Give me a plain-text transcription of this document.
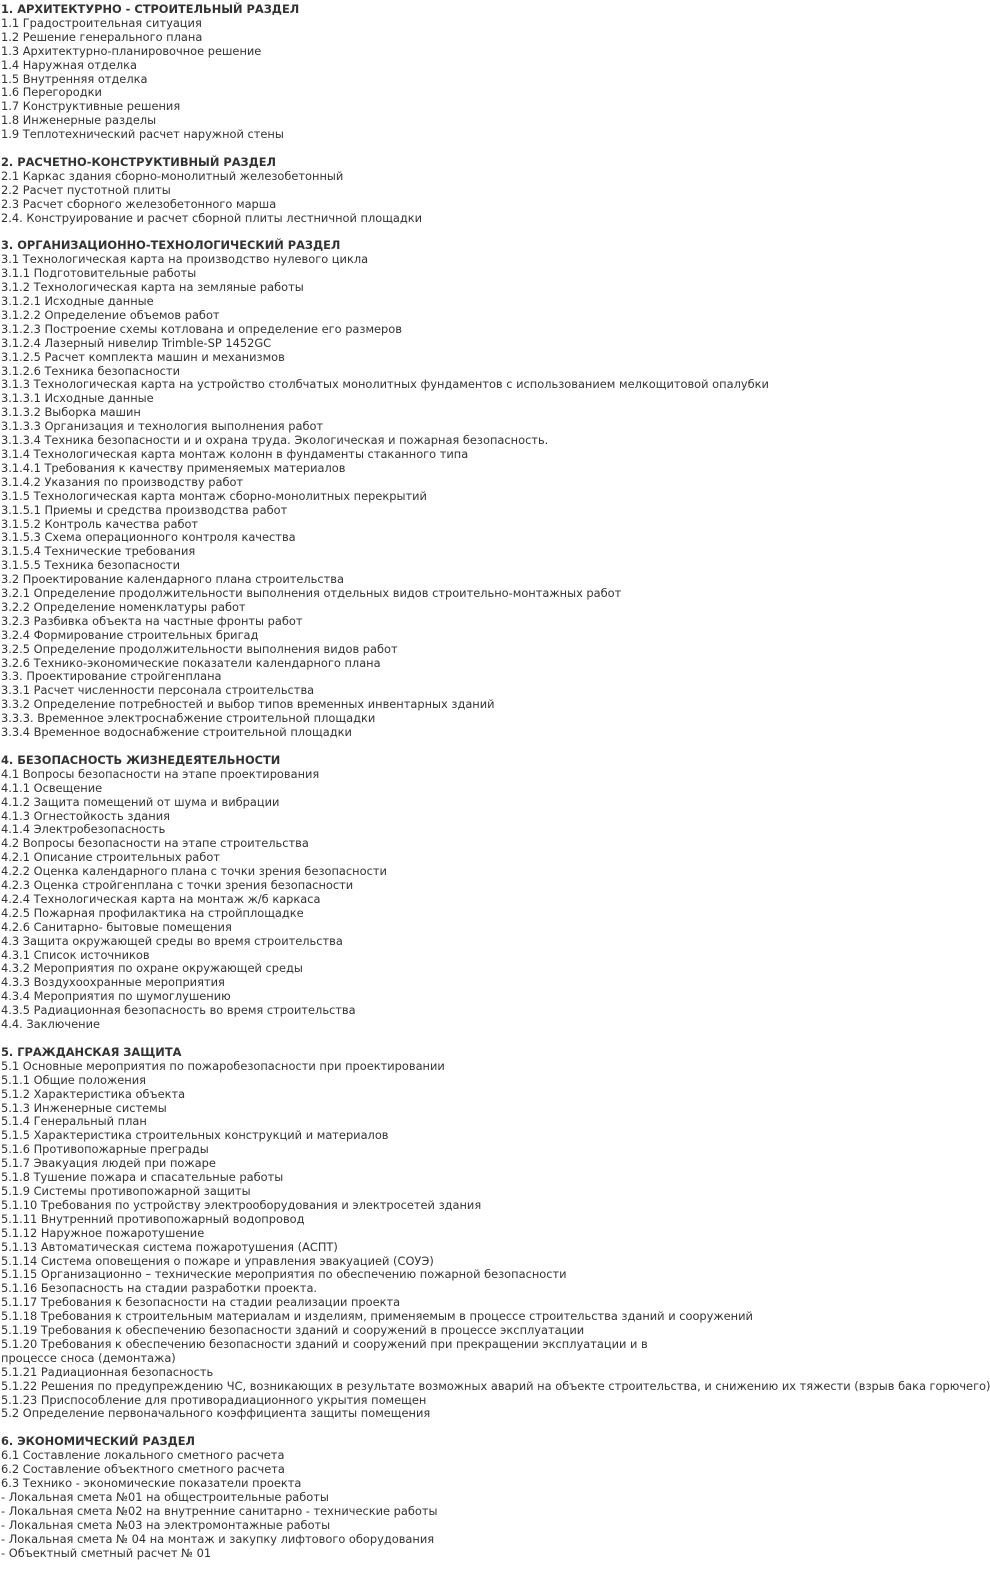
1. АРХИТЕКТУРНО - СТРОИТЕЛЬНЫЙ РАЗДЕЛ
1.1 Градостроительная ситуация
1.2 Решение генерального плана
1.3 Архитектурно-планировочное решение
1.4 Наружная отделка
1.5 Внутренняя отделка
1.6 Перегородки
1.7 Конструктивные решения
1.8 Инженерные разделы
1.9 Теплотехнический расчет наружной стены
2. РАСЧЕТНО-КОНСТРУКТИВНЫЙ РАЗДЕЛ
2.1 Каркас здания сборно-монолитный железобетонный
2.2 Расчет пустотной плиты
2.3 Расчет сборного железобетонного марша
2.4. Конструирование и расчет сборной плиты лестничной площадки
3. ОРГАНИЗАЦИОННО-ТЕХНОЛОГИЧЕСКИЙ РАЗДЕЛ
3.1 Технологическая карта на производство нулевого цикла
3.1.1 Подготовительные работы
3.1.2 Технологическая карта на земляные работы
3.1.2.1 Исходные данные
3.1.2.2 Определение объемов работ
3.1.2.3 Построение схемы котлована и определение его размеров
3.1.2.4 Лазерный нивелир Trimble-SP 1452GC
3.1.2.5 Расчет комплекта машин и механизмов
3.1.2.6 Техника безопасности
3.1.3 Технологическая карта на устройство столбчатых монолитных фундаментов с использованием мелкощитовой опалубки
3.1.3.1 Исходные данные
3.1.3.2 Выборка машин
3.1.3.3 Организация и технология выполнения работ
3.1.3.4 Техника безопасности и и охрана труда. Экологическая и пожарная безопасность.
3.1.4 Технологическая карта монтаж колонн в фундаменты стаканного типа
3.1.4.1 Требования к качеству применяемых материалов
3.1.4.2 Указания по производству работ
3.1.5 Технологическая карта монтаж сборно-монолитных перекрытий
3.1.5.1 Приемы и средства производства работ
3.1.5.2 Контроль качества работ
3.1.5.3 Схема операционного контроля качества
3.1.5.4 Технические требования
3.1.5.5 Техника безопасности
3.2 Проектирование календарного плана строительства
3.2.1 Определение продолжительности выполнения отдельных видов строительно-монтажных работ
3.2.2 Определение номенклатуры работ
3.2.3 Разбивка объекта на частные фронты работ
3.2.4 Формирование строительных бригад
3.2.5 Определение продолжительности выполнения видов работ
3.2.6 Технико-экономические показатели календарного плана
3.3. Проектирование стройгенплана
3.3.1 Расчет численности персонала строительства
3.3.2 Определение потребностей и выбор типов временных инвентарных зданий
3.3.3. Временное электроснабжение строительной площадки
3.3.4 Временное водоснабжение строительной площадки
4. БЕЗОПАСНОСТЬ ЖИЗНЕДЕЯТЕЛЬНОСТИ
4.1 Вопросы безопасности на этапе проектирования
4.1.1 Освещение
4.1.2 Защита помещений от шума и вибрации
4.1.3 Огнестойкость здания
4.1.4 Электробезопасность
4.2 Вопросы безопасности на этапе строительства
4.2.1 Описание строительных работ
4.2.2 Оценка календарного плана с точки зрения безопасности
4.2.3 Оценка стройгенплана с точки зрения безопасности
4.2.4 Технологическая карта на монтаж ж/б каркаса
4.2.5 Пожарная профилактика на стройплощадке
4.2.6 Санитарно- бытовые помещения
4.3 Защита окружающей среды во время строительства
4.3.1 Список источников
4.3.2 Мероприятия по охране окружающей среды
4.3.3 Воздухоохранные мероприятия
4.3.4 Мероприятия по шумоглушению
4.3.5 Радиационная безопасность во время строительства
4.4. Заключение
5. ГРАЖДАНСКАЯ ЗАЩИТА
5.1 Основные мероприятия по пожаробезопасности при проектировании
5.1.1 Общие положения
5.1.2 Характеристика объекта
5.1.3 Инженерные системы
5.1.4 Генеральный план
5.1.5 Характеристика строительных конструкций и материалов
5.1.6 Противопожарные преграды
5.1.7 Эвакуация людей при пожаре
5.1.8 Тушение пожара и спасательные работы
5.1.9 Системы противопожарной защиты
5.1.10 Требования по устройству электрооборудования и электросетей здания
5.1.11 Внутренний противопожарный водопровод
5.1.12 Наружное пожаротушение
5.1.13 Автоматическая система пожаротушения (АСПТ)
5.1.14 Система оповещения о пожаре и управления эвакуацией (СОУЭ)
5.1.15 Организационно – технические мероприятия по обеспечению пожарной безопасности
5.1.16 Безопасность на стадии разработки проекта.
5.1.17 Требования к безопасности на стадии реализации проекта
5.1.18 Требования к строительным материалам и изделиям, применяемым в процессе строительства зданий и сооружений
5.1.19 Требования к обеспечению безопасности зданий и сооружений в процессе эксплуатации
5.1.20 Требования к обеспечению безопасности зданий и сооружений при прекращении эксплуатации и в процессе сноса (демонтажа)
5.1.21 Радиационная безопасность
5.1.22 Решения по предупреждению ЧС, возникающих в результате возможных аварий на объекте строительства, и снижению их тяжести (взрыв бака горючего)
5.1.23 Приспособление для противорадиационного укрытия помещен
5.2 Определение первоначального коэффициента защиты помещения
6. ЭКОНОМИЧЕСКИЙ РАЗДЕЛ
6.1 Составление локального сметного расчета
6.2 Составление объектного сметного расчета
6.3 Технико - экономические показатели проекта
- Локальная смета №01 на общестроительные работы
- Локальная смета №02 на внутренние санитарно - технические работы
- Локальная смета №03 на электромонтажные работы
- Локальная смета № 04 на монтаж и закупку лифтового оборудования
- Объектный сметный расчет № 01
